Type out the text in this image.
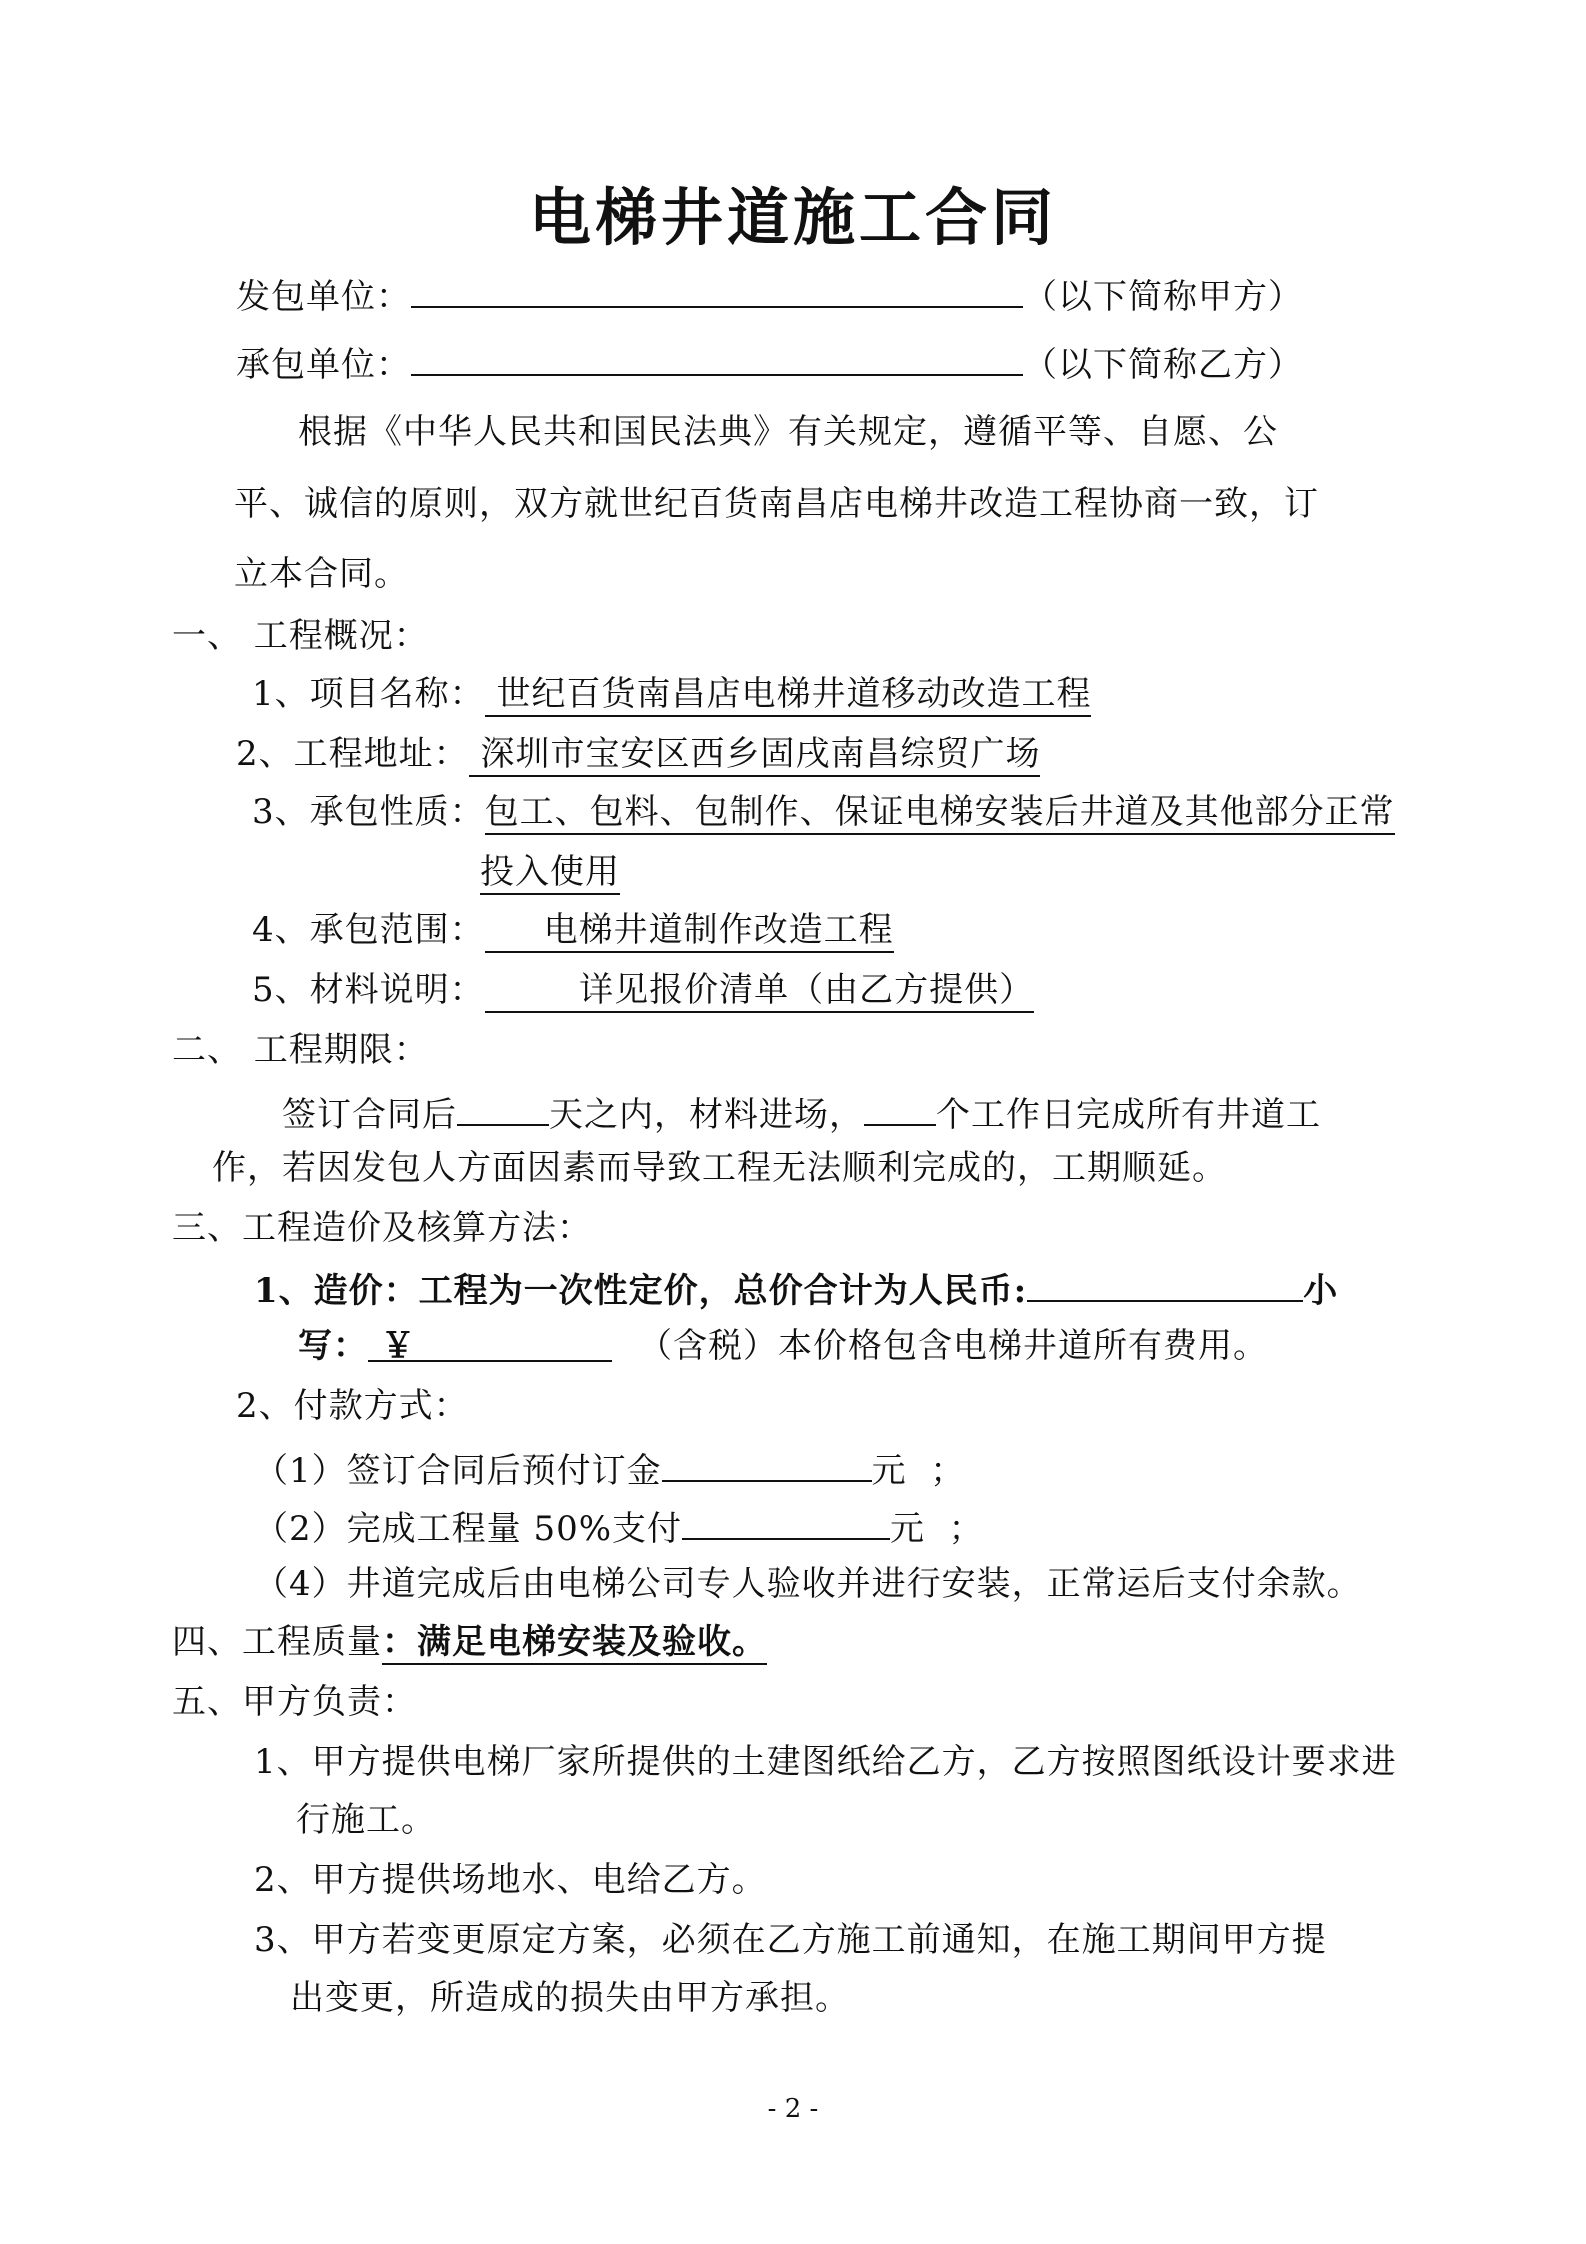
电梯井道施工合同
发包单位：	（以下简称甲方）
承包单位：	（以下简称乙方）
根据《中华人民共和国民法典》有关规定，遵循平等、自愿、公
平、诚信的原则，双方就世纪百货南昌店电梯井改造工程协商一致，订
立本合同。
一、 工程概况：
1、项目名称： 世纪百货南昌店电梯井道移动改造工程
2、工程地址： 深圳市宝安区西乡固戌南昌综贸广场
3、承包性质：包工、包料、包制作、保证电梯安装后井道及其他部分正常
投入使用
4、承包范围：     电梯井道制作改造工程
5、材料说明：        详见报价清单（由乙方提供）
二、 工程期限：
签订合同后	天之内，材料进场， 个工作日完成所有井道工
作，若因发包人方面因素而导致工程无法顺利完成的，工期顺延。
三、工程造价及核算方法：
1、造价：工程为一次性定价，总价合计为人民币:	小
写： ￥	（含税）本价格包含电梯井道所有费用。
2、付款方式：
（1）签订合同后预付订金	元  ；
（2）完成工程量 50%支付	元  ；
（4）井道完成后由电梯公司专人验收并进行安装，正常运后支付余款。
四、工程质量：满足电梯安装及验收。
五、甲方负责：
1、甲方提供电梯厂家所提供的土建图纸给乙方，乙方按照图纸设计要求进
行施工。
2、甲方提供场地水、电给乙方。
3、甲方若变更原定方案，必须在乙方施工前通知，在施工期间甲方提
出变更，所造成的损失由甲方承担。
- 2 -
